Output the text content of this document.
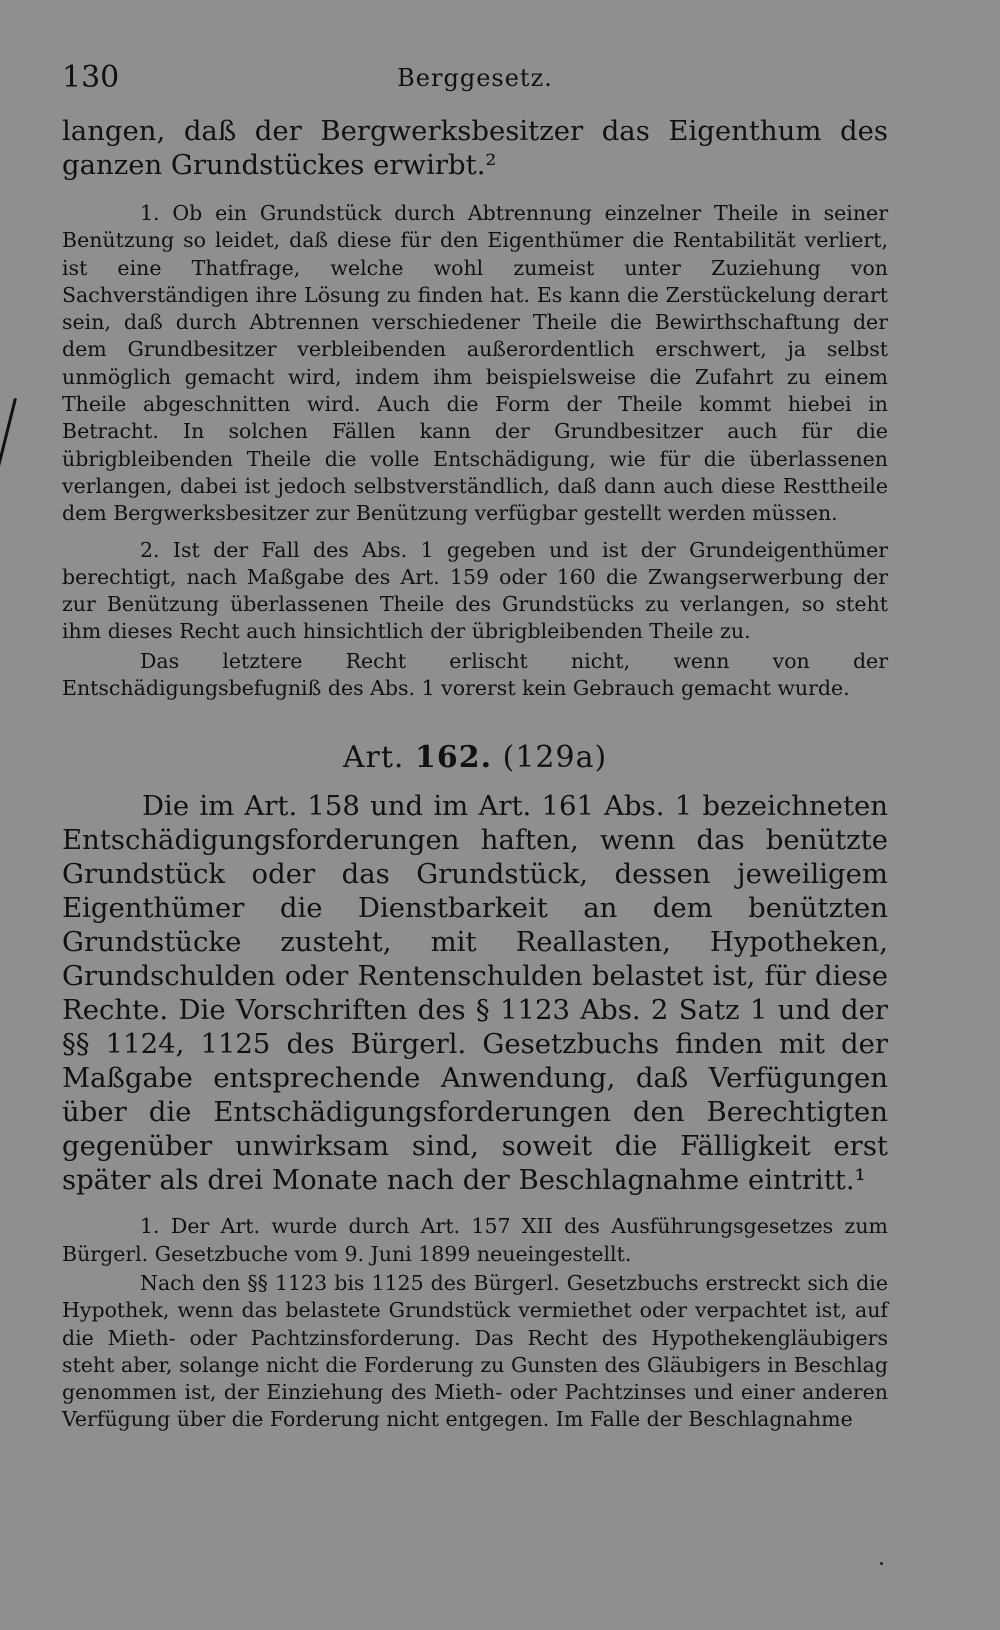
130	Berggesetz.

langen, daß der Bergwerksbesitzer das Eigenthum des ganzen Grundstückes erwirbt.²

1. Ob ein Grundstück durch Abtrennung einzelner Theile in seiner Benützung so leidet, daß diese für den Eigenthümer die Rentabilität verliert, ist eine Thatfrage, welche wohl zumeist unter Zuziehung von Sachverständigen ihre Lösung zu finden hat. Es kann die Zerstückelung derart sein, daß durch Abtrennen verschiedener Theile die Bewirthschaftung der dem Grundbesitzer verbleibenden außerordentlich erschwert, ja selbst unmöglich gemacht wird, indem ihm beispielsweise die Zufahrt zu einem Theile abgeschnitten wird. Auch die Form der Theile kommt hiebei in Betracht. In solchen Fällen kann der Grundbesitzer auch für die übrigbleibenden Theile die volle Entschädigung, wie für die überlassenen verlangen, dabei ist jedoch selbstverständlich, daß dann auch diese Resttheile dem Bergwerksbesitzer zur Benützung verfügbar gestellt werden müssen.

2. Ist der Fall des Abs. 1 gegeben und ist der Grundeigenthümer berechtigt, nach Maßgabe des Art. 159 oder 160 die Zwangserwerbung der zur Benützung überlassenen Theile des Grundstücks zu verlangen, so steht ihm dieses Recht auch hinsichtlich der übrigbleibenden Theile zu.

Das letztere Recht erlischt nicht, wenn von der Entschädigungsbefugniß des Abs. 1 vorerst kein Gebrauch gemacht wurde.

Art. 162. (129a)

Die im Art. 158 und im Art. 161 Abs. 1 bezeichneten Entschädigungsforderungen haften, wenn das benützte Grundstück oder das Grundstück, dessen jeweiligem Eigenthümer die Dienstbarkeit an dem benützten Grundstücke zusteht, mit Reallasten, Hypotheken, Grundschulden oder Rentenschulden belastet ist, für diese Rechte. Die Vorschriften des § 1123 Abs. 2 Satz 1 und der §§ 1124, 1125 des Bürgerl. Gesetzbuchs finden mit der Maßgabe entsprechende Anwendung, daß Verfügungen über die Entschädigungsforderungen den Berechtigten gegenüber unwirksam sind, soweit die Fälligkeit erst später als drei Monate nach der Beschlagnahme eintritt.¹

1. Der Art. wurde durch Art. 157 XII des Ausführungsgesetzes zum Bürgerl. Gesetzbuche vom 9. Juni 1899 neueingestellt.

Nach den §§ 1123 bis 1125 des Bürgerl. Gesetzbuchs erstreckt sich die Hypothek, wenn das belastete Grundstück vermiethet oder verpachtet ist, auf die Mieth- oder Pachtzinsforderung. Das Recht des Hypothekengläubigers steht aber, solange nicht die Forderung zu Gunsten des Gläubigers in Beschlag genommen ist, der Einziehung des Mieth- oder Pachtzinses und einer anderen Verfügung über die Forderung nicht entgegen. Im Falle der Beschlagnahme
